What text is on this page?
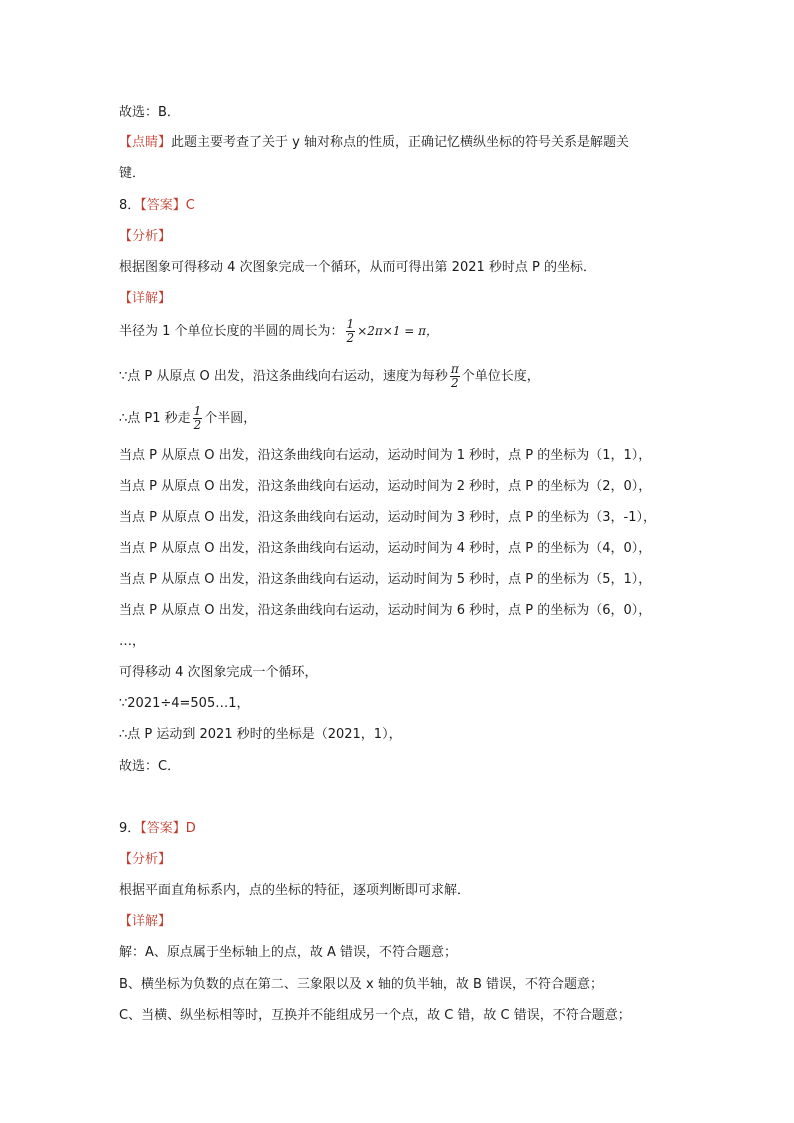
故选：B．
【点睛】此题主要考查了关于 y 轴对称点的性质，正确记忆横纵坐标的符号关系是解题关
键．
8．【答案】C
【分析】
根据图象可得移动 4 次图象完成一个循环，从而可得出第 2021 秒时点 P 的坐标．
【详解】
半径为 1 个单位长度的半圆的周长为： $\frac{1}{2} \times 2\pi\times 1 = \pi$，
∵点 P 从原点 O 出发，沿这条曲线向右运动，速度为每秒 $\frac{\pi}{2}$ 个单位长度，
∴点 P1 秒走 $\frac{1}{2}$ 个半圆，
当点 P 从原点 O 出发，沿这条曲线向右运动，运动时间为 1 秒时，点 P 的坐标为（1，1），
当点 P 从原点 O 出发，沿这条曲线向右运动，运动时间为 2 秒时，点 P 的坐标为（2，0），
当点 P 从原点 O 出发，沿这条曲线向右运动，运动时间为 3 秒时，点 P 的坐标为（3，-1），
当点 P 从原点 O 出发，沿这条曲线向右运动，运动时间为 4 秒时，点 P 的坐标为（4，0），
当点 P 从原点 O 出发，沿这条曲线向右运动，运动时间为 5 秒时，点 P 的坐标为（5，1），
当点 P 从原点 O 出发，沿这条曲线向右运动，运动时间为 6 秒时，点 P 的坐标为（6，0），
…，
可得移动 4 次图象完成一个循环，
∵2021÷4=505…1，
∴点 P 运动到 2021 秒时的坐标是（2021，1），
故选：C．
9．【答案】D
【分析】
根据平面直角标系内，点的坐标的特征，逐项判断即可求解．
【详解】
解：A、原点属于坐标轴上的点，故 A 错误，不符合题意；
B、横坐标为负数的点在第二、三象限以及 x 轴的负半轴，故 B 错误，不符合题意；
C、当横、纵坐标相等时，互换并不能组成另一个点，故 C 错，故 C 错误，不符合题意；
